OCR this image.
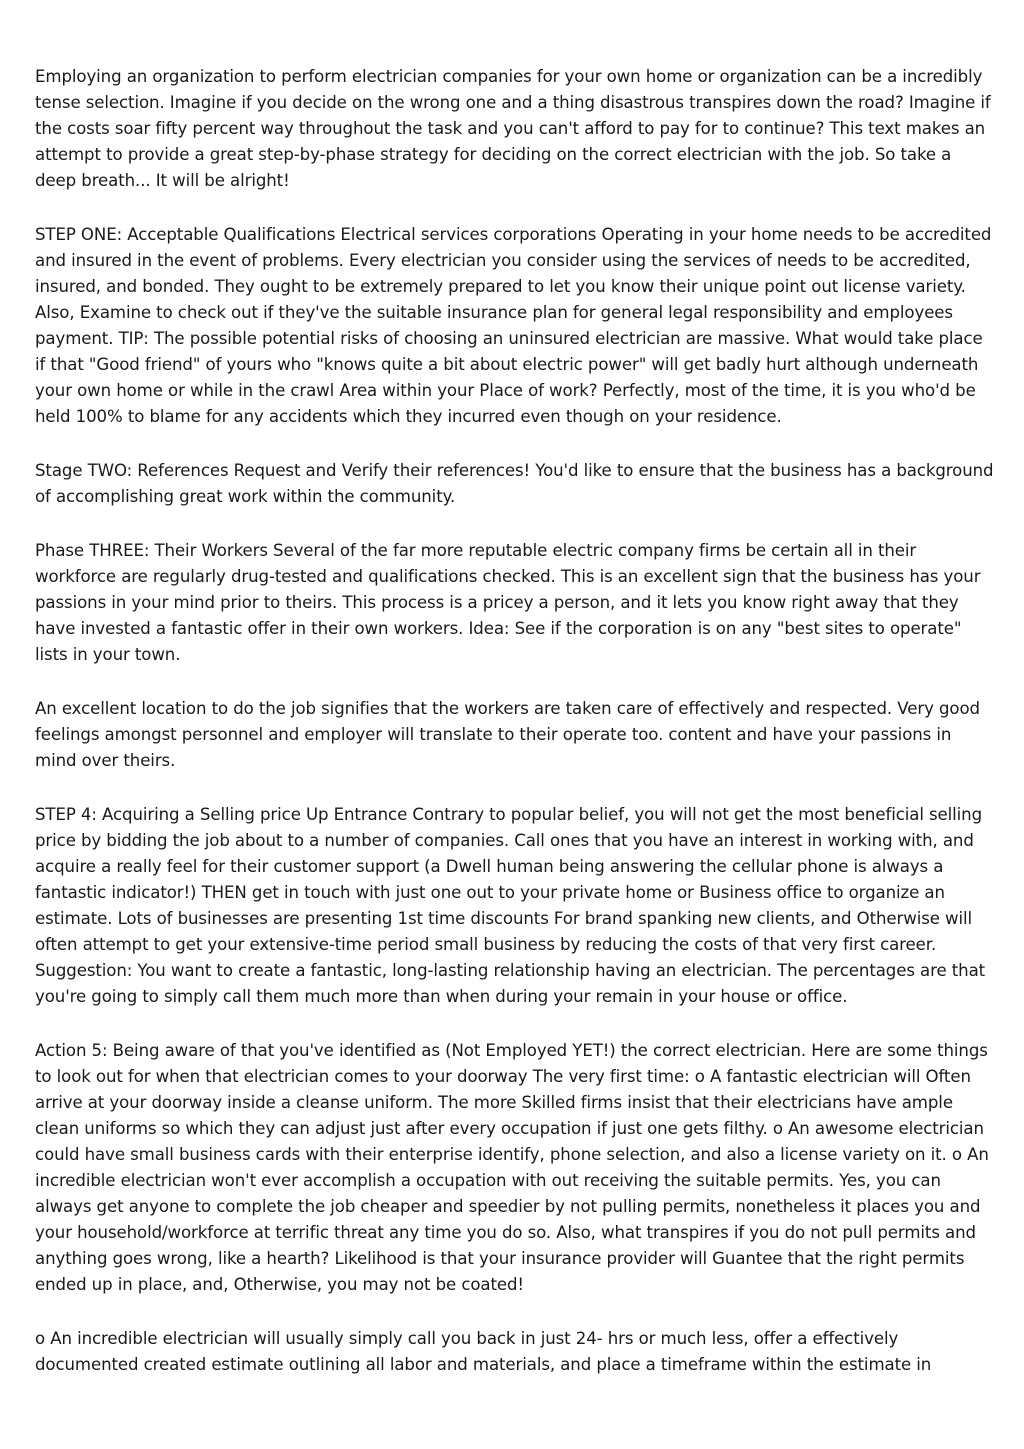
Employing an organization to perform electrician companies for your own home or organization can be a incredibly tense selection. Imagine if you decide on the wrong one and a thing disastrous transpires down the road? Imagine if the costs soar fifty percent way throughout the task and you can't afford to pay for to continue? This text makes an attempt to provide a great step-by-phase strategy for deciding on the correct electrician with the job. So take a deep breath... It will be alright!

STEP ONE: Acceptable Qualifications Electrical services corporations Operating in your home needs to be accredited and insured in the event of problems. Every electrician you consider using the services of needs to be accredited, insured, and bonded. They ought to be extremely prepared to let you know their unique point out license variety. Also, Examine to check out if they've the suitable insurance plan for general legal responsibility and employees payment. TIP: The possible potential risks of choosing an uninsured electrician are massive. What would take place if that "Good friend" of yours who "knows quite a bit about electric power" will get badly hurt although underneath your own home or while in the crawl Area within your Place of work? Perfectly, most of the time, it is you who'd be held 100% to blame for any accidents which they incurred even though on your residence.

Stage TWO: References Request and Verify their references! You'd like to ensure that the business has a background of accomplishing great work within the community.

Phase THREE: Their Workers Several of the far more reputable electric company firms be certain all in their workforce are regularly drug-tested and qualifications checked. This is an excellent sign that the business has your passions in your mind prior to theirs. This process is a pricey a person, and it lets you know right away that they have invested a fantastic offer in their own workers. Idea: See if the corporation is on any "best sites to operate" lists in your town.

An excellent location to do the job signifies that the workers are taken care of effectively and respected. Very good feelings amongst personnel and employer will translate to their operate too. content and have your passions in mind over theirs.

STEP 4: Acquiring a Selling price Up Entrance Contrary to popular belief, you will not get the most beneficial selling price by bidding the job about to a number of companies. Call ones that you have an interest in working with, and acquire a really feel for their customer support (a Dwell human being answering the cellular phone is always a fantastic indicator!) THEN get in touch with just one out to your private home or Business office to organize an estimate. Lots of businesses are presenting 1st time discounts For brand spanking new clients, and Otherwise will often attempt to get your extensive-time period small business by reducing the costs of that very first career. Suggestion: You want to create a fantastic, long-lasting relationship having an electrician. The percentages are that you're going to simply call them much more than when during your remain in your house or office.

Action 5: Being aware of that you've identified as (Not Employed YET!) the correct electrician. Here are some things to look out for when that electrician comes to your doorway The very first time: o A fantastic electrician will Often arrive at your doorway inside a cleanse uniform. The more Skilled firms insist that their electricians have ample clean uniforms so which they can adjust just after every occupation if just one gets filthy. o An awesome electrician could have small business cards with their enterprise identify, phone selection, and also a license variety on it. o An incredible electrician won't ever accomplish a occupation with out receiving the suitable permits. Yes, you can always get anyone to complete the job cheaper and speedier by not pulling permits, nonetheless it places you and your household/workforce at terrific threat any time you do so. Also, what transpires if you do not pull permits and anything goes wrong, like a hearth? Likelihood is that your insurance provider will Guantee that the right permits ended up in place, and, Otherwise, you may not be coated!

o An incredible electrician will usually simply call you back in just 24- hrs or much less, offer a effectively documented created estimate outlining all labor and materials, and place a timeframe within the estimate in
